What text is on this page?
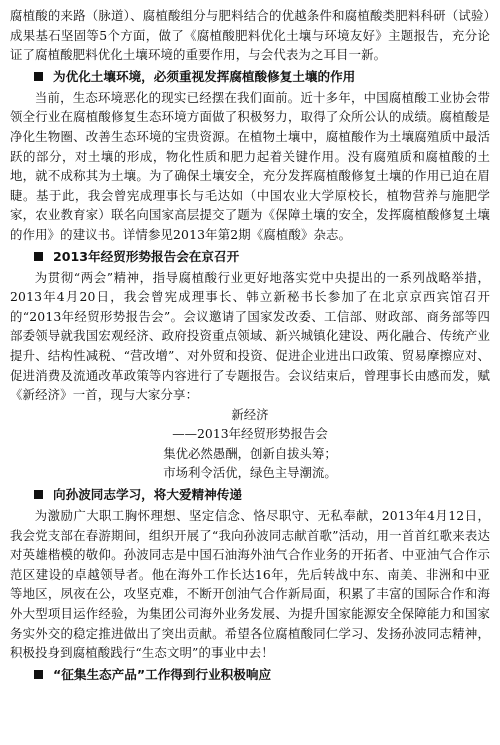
腐植酸的来路（脉道）、腐植酸组分与肥料结合的优越条件和腐植酸类肥料科研（试验）成果基石坚固等5个方面，做了《腐植酸肥料优化土壤与环境友好》主题报告，充分论证了腐植酸肥料优化土壤环境的重要作用，与会代表为之耳目一新。

为优化土壤环境，必须重视发挥腐植酸修复土壤的作用

当前，生态环境恶化的现实已经摆在我们面前。近十多年，中国腐植酸工业协会带领全行业在腐植酸修复生态环境方面做了积极努力，取得了众所公认的成绩。腐植酸是净化生物圈、改善生态环境的宝贵资源。在植物土壤中，腐植酸作为土壤腐殖质中最活跃的部分，对土壤的形成，物化性质和肥力起着关键作用。没有腐殖质和腐植酸的土地，就不成称其为土壤。为了确保土壤安全，充分发挥腐植酸修复土壤的作用已迫在眉睫。基于此，我会曾宪成理事长与毛达如（中国农业大学原校长，植物营养与施肥学家，农业教育家）联名向国家高层提交了题为《保障土壤的安全，发挥腐植酸修复土壤的作用》的建议书。详情参见2013年第2期《腐植酸》杂志。

2013年经贸形势报告会在京召开

为贯彻“两会”精神，指导腐植酸行业更好地落实党中央提出的一系列战略举措，2013年4月20日，我会曾宪成理事长、韩立新秘书长参加了在北京京西宾馆召开的“2013年经贸形势报告会”。会议邀请了国家发改委、工信部、财政部、商务部等四部委领导就我国宏观经济、政府投资重点领域、新兴城镇化建设、两化融合、传统产业提升、结构性减税、“营改增”、对外贸和投资、促进企业进出口政策、贸易摩擦应对、促进消费及流通改革政策等内容进行了专题报告。会议结束后，曾理事长由感而发，赋《新经济》一首，现与大家分享：

新经济
——2013年经贸形势报告会
集优必然愚酬，创新自拔头筹；
市场利令活优，绿色主导潮流。
向孙波同志学习，将大爱精神传递

为激励广大职工胸怀理想、坚定信念、恪尽职守、无私奉献，2013年4月12日，我会党支部在春游期间，组织开展了“我向孙波同志献首歌”活动，用一首首红歌来表达对英雄楷模的敬仰。孙波同志是中国石油海外油气合作业务的开拓者、中亚油气合作示范区建设的卓越领导者。他在海外工作长达16年，先后转战中东、南美、非洲和中亚等地区，夙夜在公，攻坚克难，不断开创油气合作新局面，积累了丰富的国际合作和海外大型项目运作经验，为集团公司海外业务发展、为提升国家能源安全保障能力和国家务实外交的稳定推进做出了突出贡献。希望各位腐植酸同仁学习、发扬孙波同志精神，积极投身到腐植酸践行“生态文明”的事业中去！

“征集生态产品”工作得到行业积极响应
